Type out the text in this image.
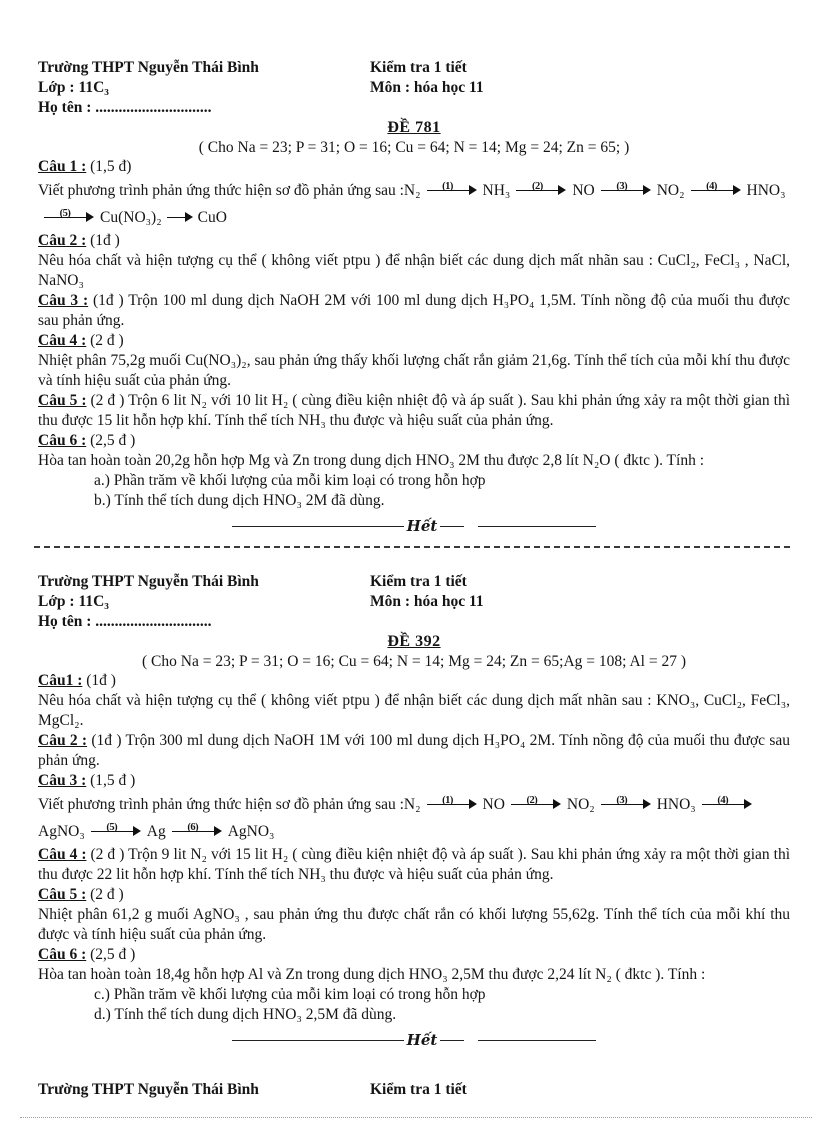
Trường THPT Nguyễn Thái Bình
Lớp : 11C₃
Họ tên : ..............................
Kiểm tra 1 tiết
Môn : hóa học 11
ĐỀ 781
( Cho Na = 23; P = 31; O = 16; Cu = 64; N = 14; Mg = 24; Zn = 65; )

Câu 1 : (1,5 đ)

Viết phương trình phản ứng thức hiện sơ đồ phản ứng sau :N₂ (1) NH₃ (2) NO (3) NO₂ (4) HNO₃
(5) Cu(NO₃)₂ CuO

Câu 2 : (1đ )

Nêu hóa chất và hiện tượng cụ thể ( không viết ptpu ) để nhận biết các dung dịch mất nhãn sau : CuCl₂, FeCl₃ , NaCl, NaNO₃

Câu 3 : (1đ ) Trộn 100 ml dung dịch NaOH 2M với 100 ml dung dịch H₃PO₄ 1,5M. Tính nồng độ của muối thu được sau phản ứng.

Câu 4 : (2 đ )

Nhiệt phân 75,2g muối Cu(NO₃)₂, sau phản ứng thấy khối lượng chất rắn giảm 21,6g. Tính thể tích của mỗi khí thu được và tính hiệu suất của phản ứng.

Câu 5 : (2 đ ) Trộn 6 lit N₂ với 10 lit H₂ ( cùng điều kiện nhiệt độ và áp suất ). Sau khi phản ứng xảy ra một thời gian thì thu được 15 lit hỗn hợp khí. Tính thể tích NH₃ thu được và hiệu suất của phản ứng.

Câu 6 : (2,5 đ )

Hòa tan hoàn toàn 20,2g hỗn hợp Mg và Zn trong dung dịch HNO₃ 2M thu được 2,8 lít N₂O ( đktc ). Tính :

a.) Phần trăm về khối lượng của mỗi kim loại có trong hỗn hợp

b.) Tính thể tích dung dịch HNO₃ 2M đã dùng.

Hết
Trường THPT Nguyễn Thái Bình
Lớp : 11C₃
Họ tên : ..............................
Kiểm tra 1 tiết
Môn : hóa học 11
ĐỀ 392
( Cho Na = 23; P = 31; O = 16; Cu = 64; N = 14; Mg = 24; Zn = 65;Ag = 108; Al = 27 )

Câu1 : (1đ )

Nêu hóa chất và hiện tượng cụ thể ( không viết ptpu ) để nhận biết các dung dịch mất nhãn sau : KNO₃, CuCl₂, FeCl₃, MgCl₂.

Câu 2 : (1đ ) Trộn 300 ml dung dịch NaOH 1M với 100 ml dung dịch H₃PO₄ 2M. Tính nồng độ của muối thu được sau phản ứng.

Câu 3 : (1,5 đ )

Viết phương trình phản ứng thức hiện sơ đồ phản ứng sau :N₂ (1) NO (2) NO₂ (3) HNO₃ (4)
AgNO₃ (5) Ag (6) AgNO₃

Câu 4 : (2 đ ) Trộn 9 lit N₂ với 15 lit H₂ ( cùng điều kiện nhiệt độ và áp suất ). Sau khi phản ứng xảy ra một thời gian thì thu được 22 lit hỗn hợp khí. Tính thể tích NH₃ thu được và hiệu suất của phản ứng.

Câu 5 : (2 đ )

Nhiệt phân 61,2 g muối AgNO₃ , sau phản ứng thu được chất rắn có khối lượng 55,62g. Tính thể tích của mỗi khí thu được và tính hiệu suất của phản ứng.

Câu 6 : (2,5 đ )

Hòa tan hoàn toàn 18,4g hỗn hợp Al và Zn trong dung dịch HNO₃ 2,5M thu được 2,24 lít N₂ ( đktc ). Tính :

c.) Phần trăm về khối lượng của mỗi kim loại có trong hỗn hợp

d.) Tính thể tích dung dịch HNO₃ 2,5M đã dùng.

Hết
Trường THPT Nguyễn Thái Bình	Kiểm tra 1 tiết
